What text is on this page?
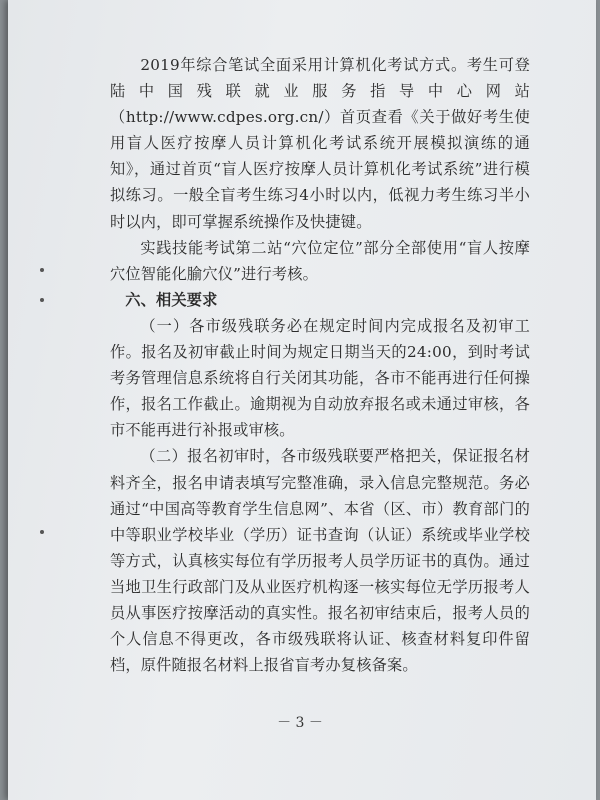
2019年综合笔试全面采用计算机化考试方式。考生可登陆中国残联就业服务指导中心网站（http://www.cdpes.org.cn/）首页查看《关于做好考生使用盲人医疗按摩人员计算机化考试系统开展模拟演练的通知》，通过首页“盲人医疗按摩人员计算机化考试系统”进行模拟练习。一般全盲考生练习4小时以内，低视力考生练习半小时以内，即可掌握系统操作及快捷键。

实践技能考试第二站“穴位定位”部分全部使用“盲人按摩穴位智能化腧穴仪”进行考核。

六、相关要求

（一）各市级残联务必在规定时间内完成报名及初审工作。报名及初审截止时间为规定日期当天的24:00，到时考试考务管理信息系统将自行关闭其功能，各市不能再进行任何操作，报名工作截止。逾期视为自动放弃报名或未通过审核，各市不能再进行补报或审核。

（二）报名初审时，各市级残联要严格把关，保证报名材料齐全，报名申请表填写完整准确，录入信息完整规范。务必通过“中国高等教育学生信息网”、本省（区、市）教育部门的中等职业学校毕业（学历）证书查询（认证）系统或毕业学校等方式，认真核实每位有学历报考人员学历证书的真伪。通过当地卫生行政部门及从业医疗机构逐一核实每位无学历报考人员从事医疗按摩活动的真实性。报名初审结束后，报考人员的个人信息不得更改，各市级残联将认证、核查材料复印件留档，原件随报名材料上报省盲考办复核备案。

－ 3 －
